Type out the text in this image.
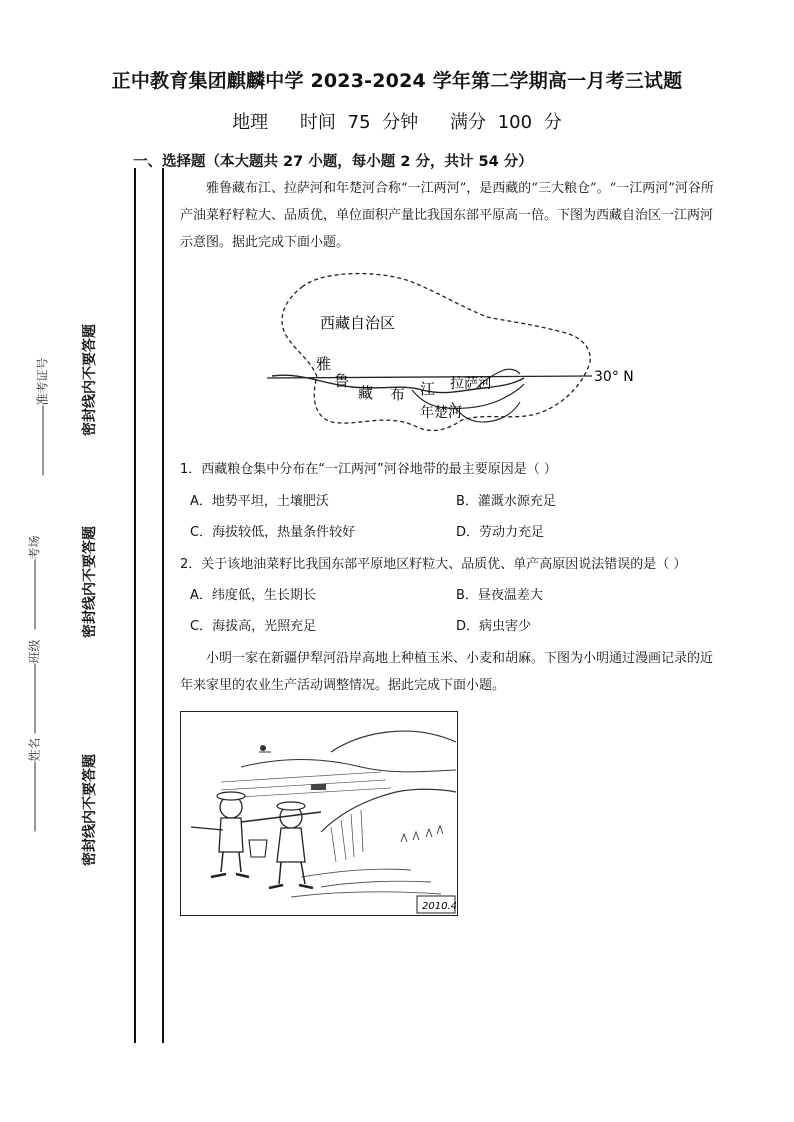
正中教育集团麒麟中学 2023-2024 学年第二学期高一月考三试题
地理 时间 75 分钟 满分 100 分
一、选择题（本大题共 27 小题，每小题 2 分，共计 54 分）
密封线内不要答题
密封线内不要答题
密封线内不要答题
准考证号
考场
班级
姓名
雅鲁藏布江、拉萨河和年楚河合称“一江两河”，是西藏的“三大粮仓”。“一江两河”河谷所产油菜籽籽粒大、品质优，单位面积产量比我国东部平原高一倍。下图为西藏自治区一江两河示意图。据此完成下面小题。
西藏自治区
雅
鲁
藏 布 江 拉萨河
年楚河
30° N
1．西藏粮仓集中分布在“一江两河”河谷地带的最主要原因是（ ）
A．地势平坦，土壤肥沃	B．灌溉水源充足
C．海拔较低，热量条件较好	D．劳动力充足
2．关于该地油菜籽比我国东部平原地区籽粒大、品质优、单产高原因说法错误的是（ ）
A．纬度低，生长期长	B．昼夜温差大
C．海拔高，光照充足	D．病虫害少
小明一家在新疆伊犁河沿岸高地上种植玉米、小麦和胡麻。下图为小明通过漫画记录的近年来家里的农业生产活动调整情况。据此完成下面小题。
2010.4
